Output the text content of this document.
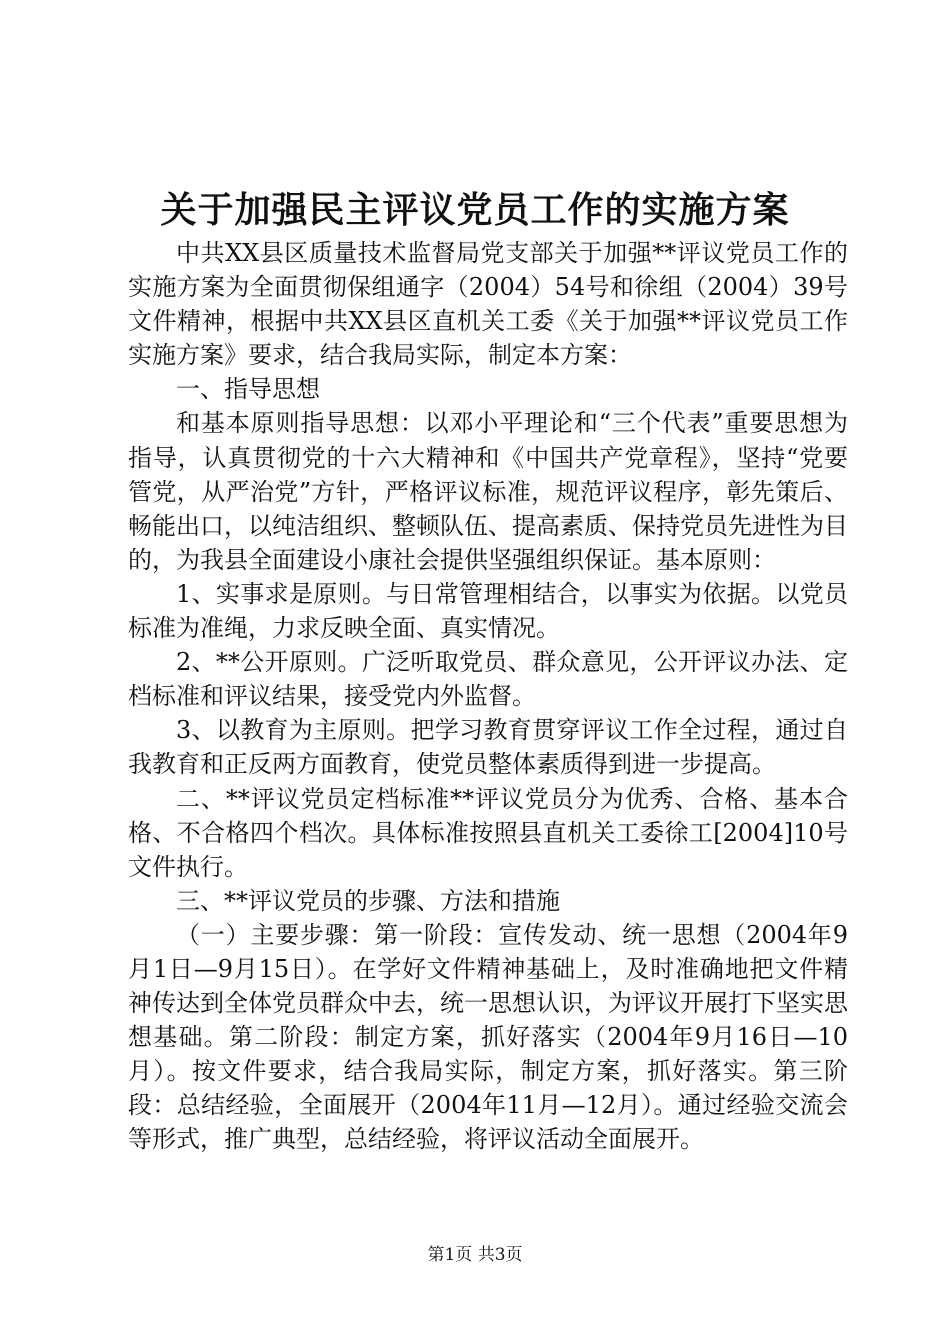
关于加强民主评议党员工作的实施方案

中共XX县区质量技术监督局党支部关于加强**评议党员工作的实施方案为全面贯彻保组通字（2004）54号和徐组（2004）39号文件精神，根据中共XX县区直机关工委《关于加强**评议党员工作实施方案》要求，结合我局实际，制定本方案：

一、指导思想

和基本原则指导思想：以邓小平理论和“三个代表”重要思想为指导，认真贯彻党的十六大精神和《中国共产党章程》，坚持“党要管党，从严治党”方针，严格评议标准，规范评议程序，彰先策后、畅能出口，以纯洁组织、整顿队伍、提高素质、保持党员先进性为目的，为我县全面建设小康社会提供坚强组织保证。基本原则：

1、实事求是原则。与日常管理相结合，以事实为依据。以党员标准为准绳，力求反映全面、真实情况。

2、**公开原则。广泛听取党员、群众意见，公开评议办法、定档标准和评议结果，接受党内外监督。

3、以教育为主原则。把学习教育贯穿评议工作全过程，通过自我教育和正反两方面教育，使党员整体素质得到进一步提高。

二、**评议党员定档标准**评议党员分为优秀、合格、基本合格、不合格四个档次。具体标准按照县直机关工委徐工[2004]10号文件执行。

三、**评议党员的步骤、方法和措施

（一）主要步骤：第一阶段：宣传发动、统一思想（2004年9月1日—9月15日）。在学好文件精神基础上，及时准确地把文件精神传达到全体党员群众中去，统一思想认识，为评议开展打下坚实思想基础。第二阶段：制定方案，抓好落实（2004年9月16日—10月）。按文件要求，结合我局实际，制定方案，抓好落实。第三阶段：总结经验，全面展开（2004年11月—12月）。通过经验交流会等形式，推广典型，总结经验，将评议活动全面展开。

第1页 共3页
